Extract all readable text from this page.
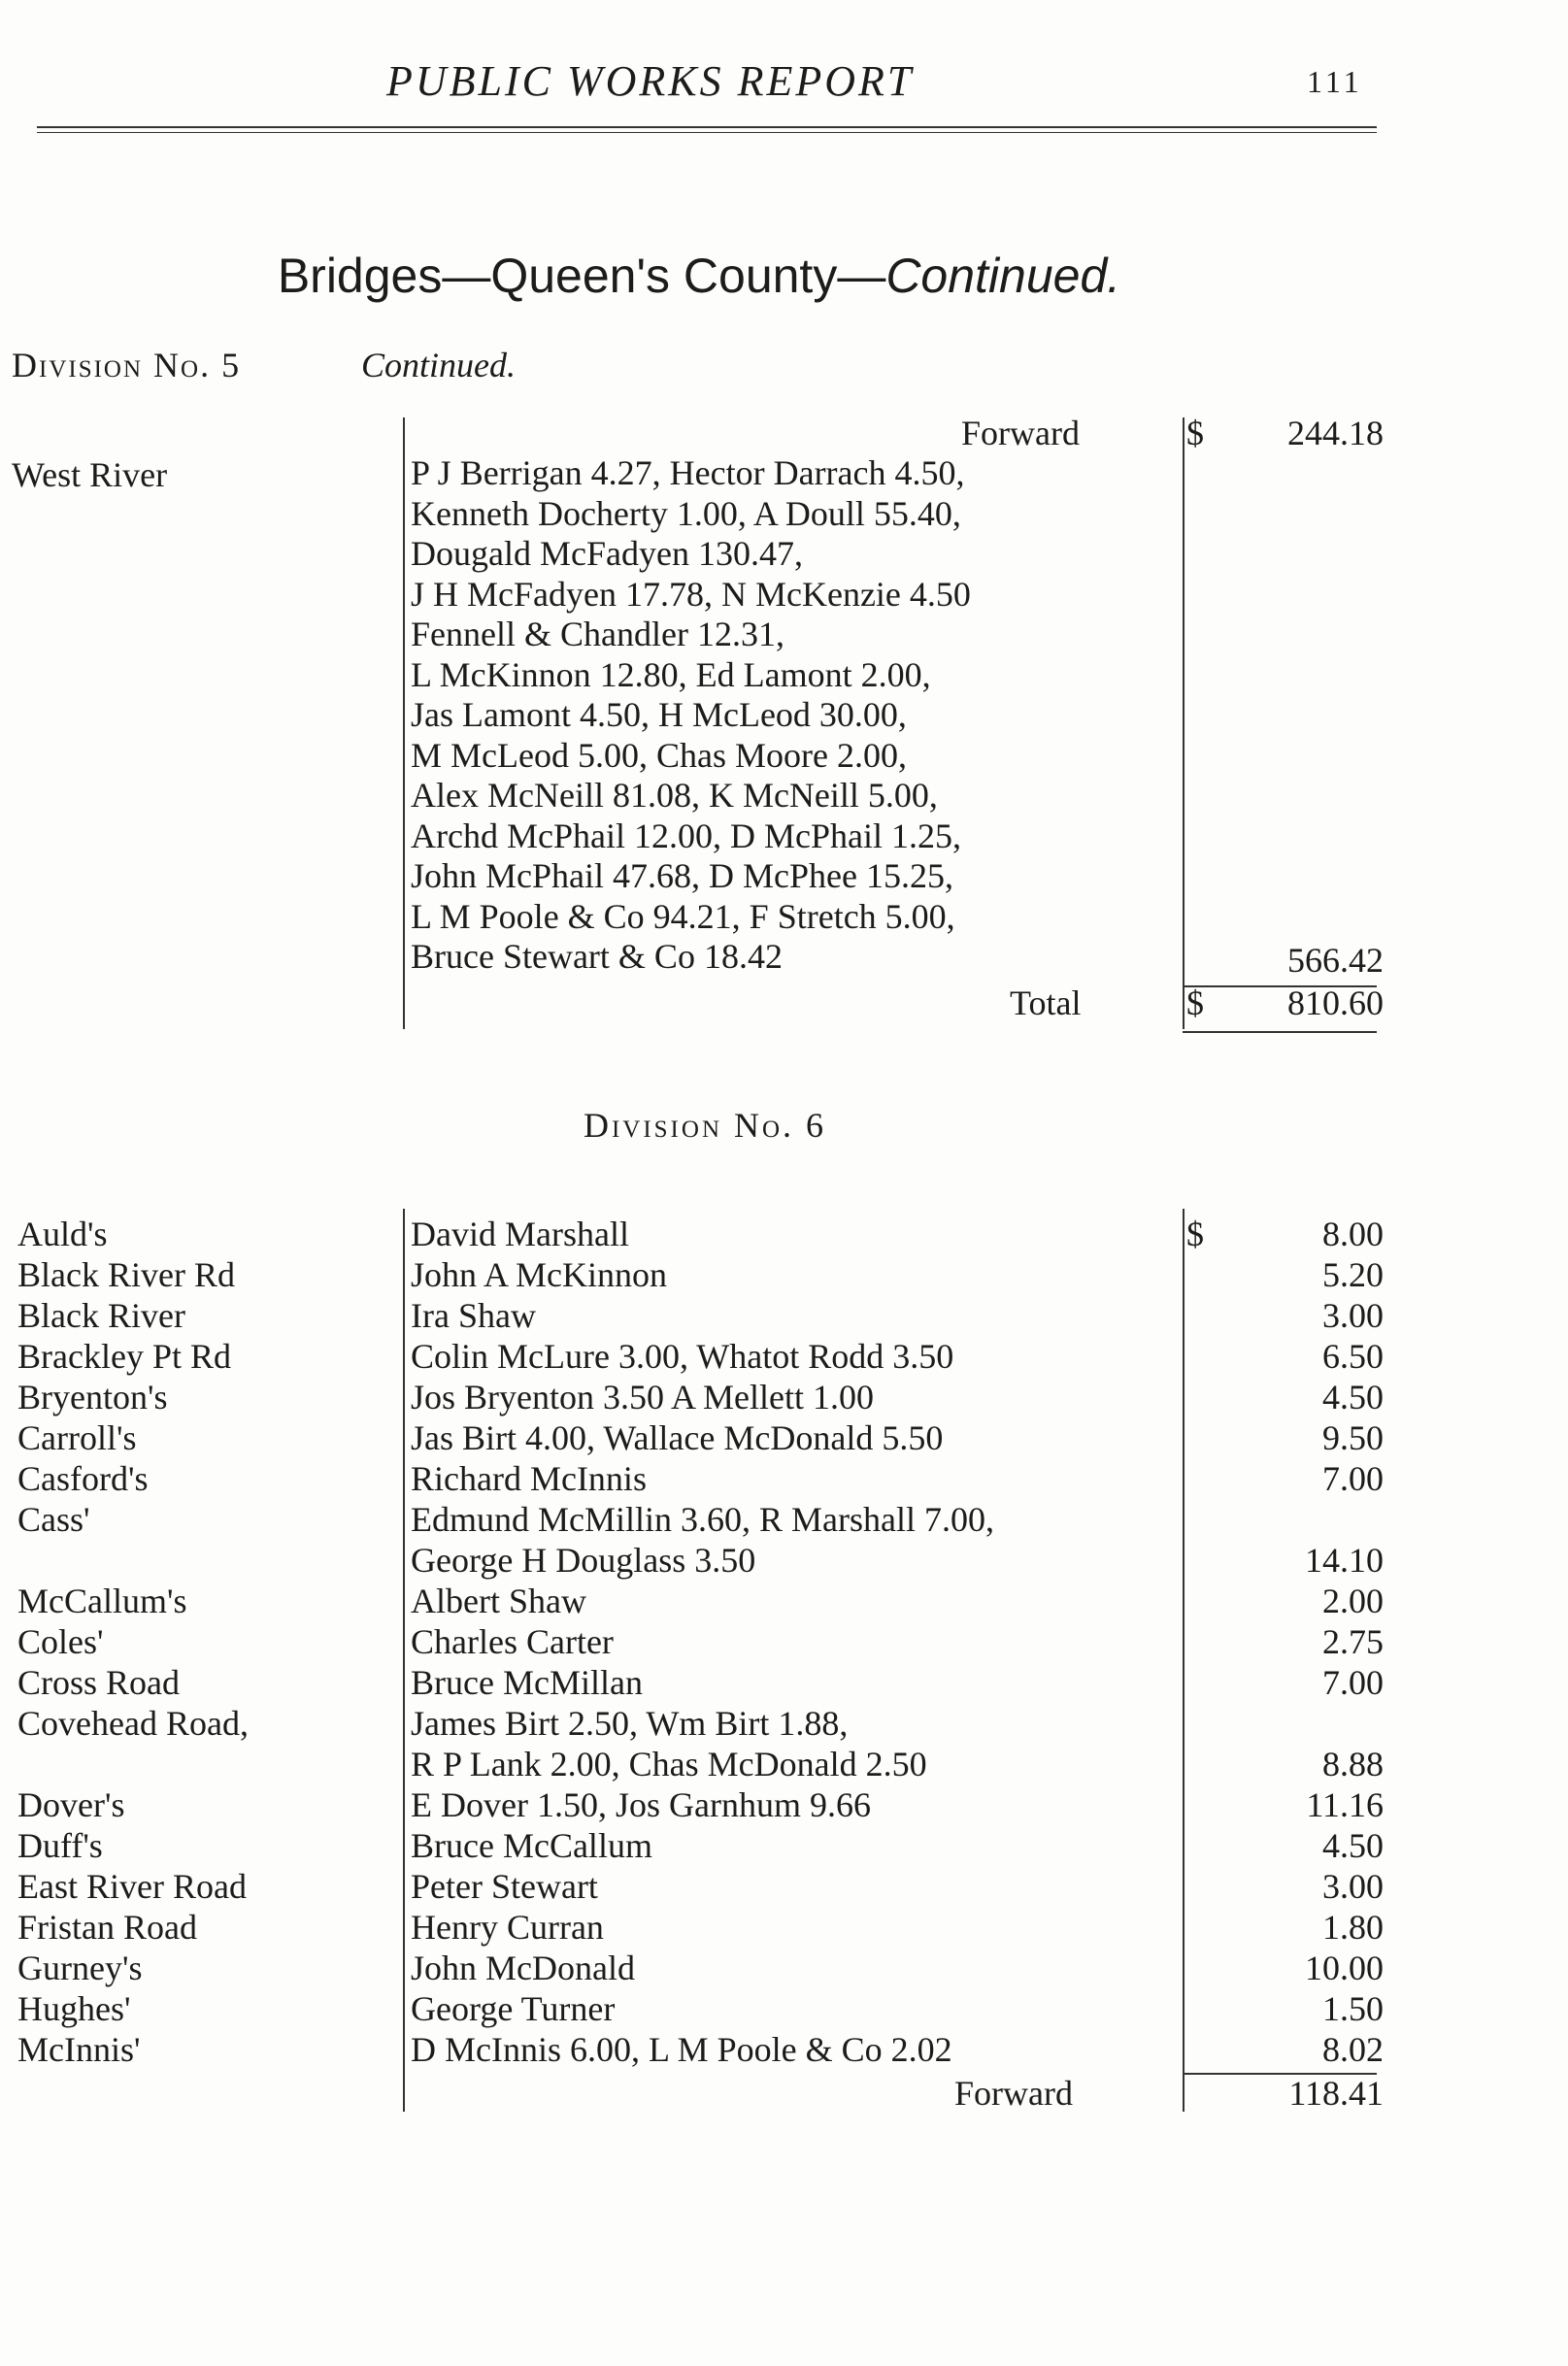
PUBLIC WORKS REPORT	111
Bridges—Queen's County—Continued.
Division No. 5	Continued.
Forward	$	244.18
West River	P J Berrigan 4.27, Hector Darrach 4.50,
Kenneth Docherty 1.00, A Doull 55.40,
Dougald McFadyen 130.47,
J H McFadyen 17.78, N McKenzie 4.50
Fennell & Chandler 12.31,
L McKinnon 12.80, Ed Lamont 2.00,
Jas Lamont 4.50, H McLeod 30.00,
M McLeod 5.00, Chas Moore 2.00,
Alex McNeill 81.08, K McNeill 5.00,
Archd McPhail 12.00, D McPhail 1.25,
John McPhail 47.68, D McPhee 15.25,
L M Poole & Co 94.21, F Stretch 5.00,
Bruce Stewart & Co 18.42	566.42
Total	$	810.60
Division No. 6
$
Auld's	David Marshall	8.00
Black River Rd	John A McKinnon	5.20
Black River	Ira Shaw	3.00
Brackley Pt Rd	Colin McLure 3.00, Whatot Rodd 3.50	6.50
Bryenton's	Jos Bryenton 3.50 A Mellett 1.00	4.50
Carroll's	Jas Birt 4.00, Wallace McDonald 5.50	9.50
Casford's	Richard McInnis	7.00
Cass'	Edmund McMillin 3.60, R Marshall 7.00,
George H Douglass 3.50	14.10
McCallum's	Albert Shaw	2.00
Coles'	Charles Carter	2.75
Cross Road	Bruce McMillan	7.00
Covehead Road,	James Birt 2.50, Wm Birt 1.88,
R P Lank 2.00, Chas McDonald 2.50	8.88
Dover's	E Dover 1.50, Jos Garnhum 9.66	11.16
Duff's	Bruce McCallum	4.50
East River Road	Peter Stewart	3.00
Fristan Road	Henry Curran	1.80
Gurney's	John McDonald	10.00
Hughes'	George Turner	1.50
McInnis'	D McInnis 6.00, L M Poole & Co 2.02	8.02
Forward	118.41
